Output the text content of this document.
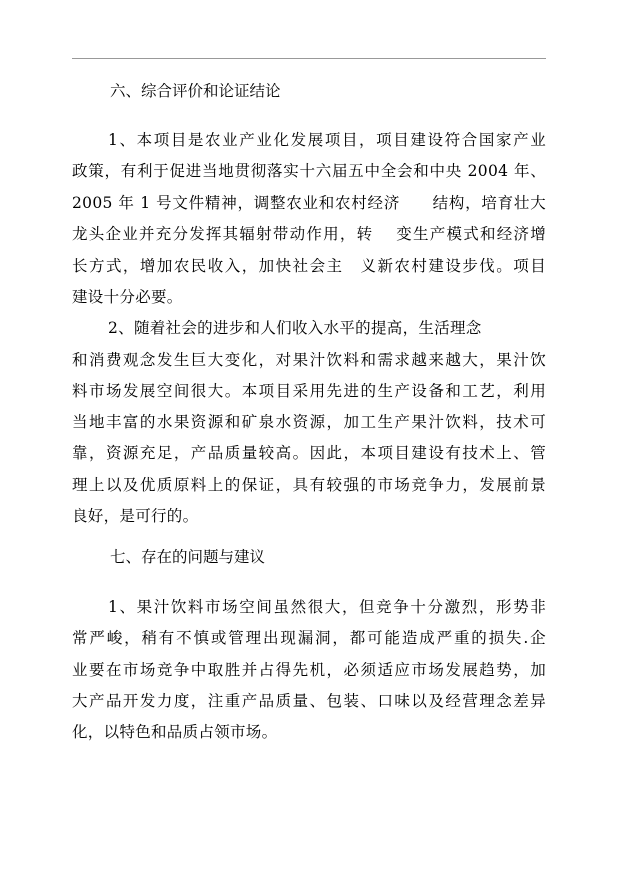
六、综合评价和论证结论
1、本项目是农业产业化发展项目，项目建设符合国家产业
政策，有利于促进当地贯彻落实十六届五中全会和中央 2004 年、
2005 年 1 号文件精神，调整农业和农村经济　　结构，培育壮大
龙头企业并充分发挥其辐射带动作用，转　 变生产模式和经济增
长方式，增加农民收入，加快社会主　义新农村建设步伐。项目
建设十分必要。
2、随着社会的进步和人们收入水平的提高，生活理念
和消费观念发生巨大变化，对果汁饮料和需求越来越大，果汁饮
料市场发展空间很大。本项目采用先进的生产设备和工艺，利用
当地丰富的水果资源和矿泉水资源，加工生产果汁饮料，技术可
靠，资源充足，产品质量较高。因此，本项目建设有技术上、管
理上以及优质原料上的保证，具有较强的市场竞争力，发展前景
良好，是可行的。
七、存在的问题与建议
1、果汁饮料市场空间虽然很大，但竞争十分激烈，形势非
常严峻，稍有不慎或管理出现漏洞，都可能造成严重的损失.企
业要在市场竞争中取胜并占得先机，必须适应市场发展趋势，加
大产品开发力度，注重产品质量、包装、口味以及经营理念差异
化，以特色和品质占领市场。
